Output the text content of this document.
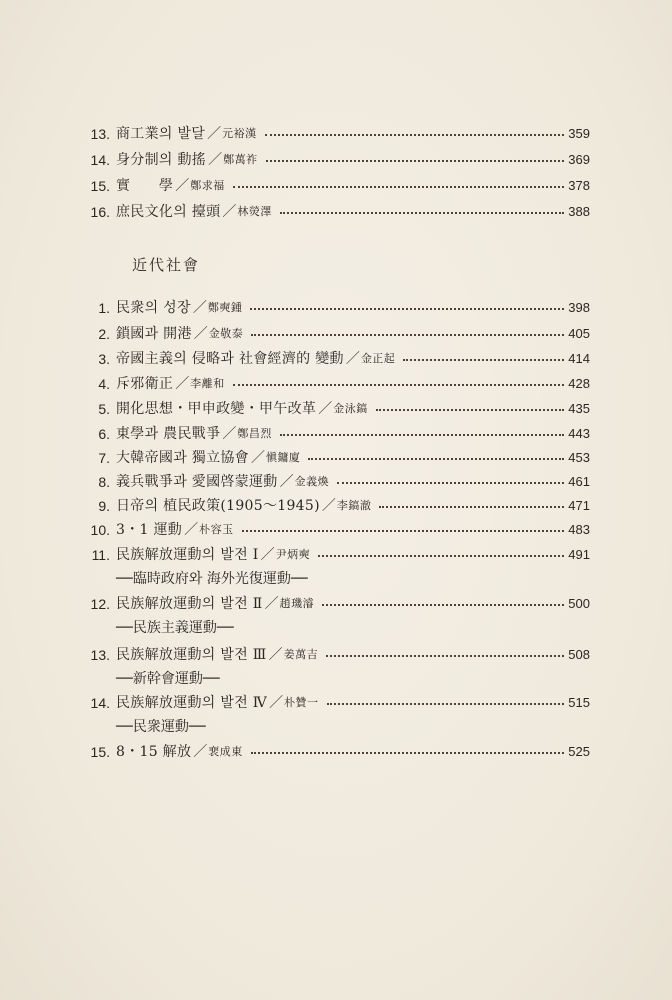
13. 商工業의 발달 ／ 元裕漢	359
14. 身分制의 動搖 ／ 鄭萬祚	369
15. 實　　學 ／ 鄭求福	378
16. 庶民文化의 擡頭 ／ 林熒澤	388
近代社會
1. 民衆의 성장 ／ 鄭奭鍾	398
2. 鎖國과 開港 ／ 金敬泰	405
3. 帝國主義의 侵略과 社會經濟的 變動 ／ 金正起	414
4. 斥邪衛正 ／ 李離和	428
5. 開化思想・甲申政變・甲午改革 ／ 金泳鎬	435
6. 東學과 農民戰爭 ／ 鄭昌烈	443
7. 大韓帝國과 獨立協會 ／ 愼鏞廈	453
8. 義兵戰爭과 愛國啓蒙運動 ／ 金義煥	461
9. 日帝의 植民政策(1905～1945) ／ 李鎬澈	471
10. 3・1 運動 ／ 朴容玉	483
11. 民族解放運動의 발전 Ⅰ ／ 尹炳奭	491
──臨時政府와 海外光復運動──
12. 民族解放運動의 발전 Ⅱ ／ 趙璣濬	500
──民族主義運動──
13. 民族解放運動의 발전 Ⅲ ／ 姜萬吉	508
──新幹會運動──
14. 民族解放運動의 발전 Ⅳ ／ 朴贊一	515
──民衆運動──
15. 8・15 解放 ／ 裵成東	525
